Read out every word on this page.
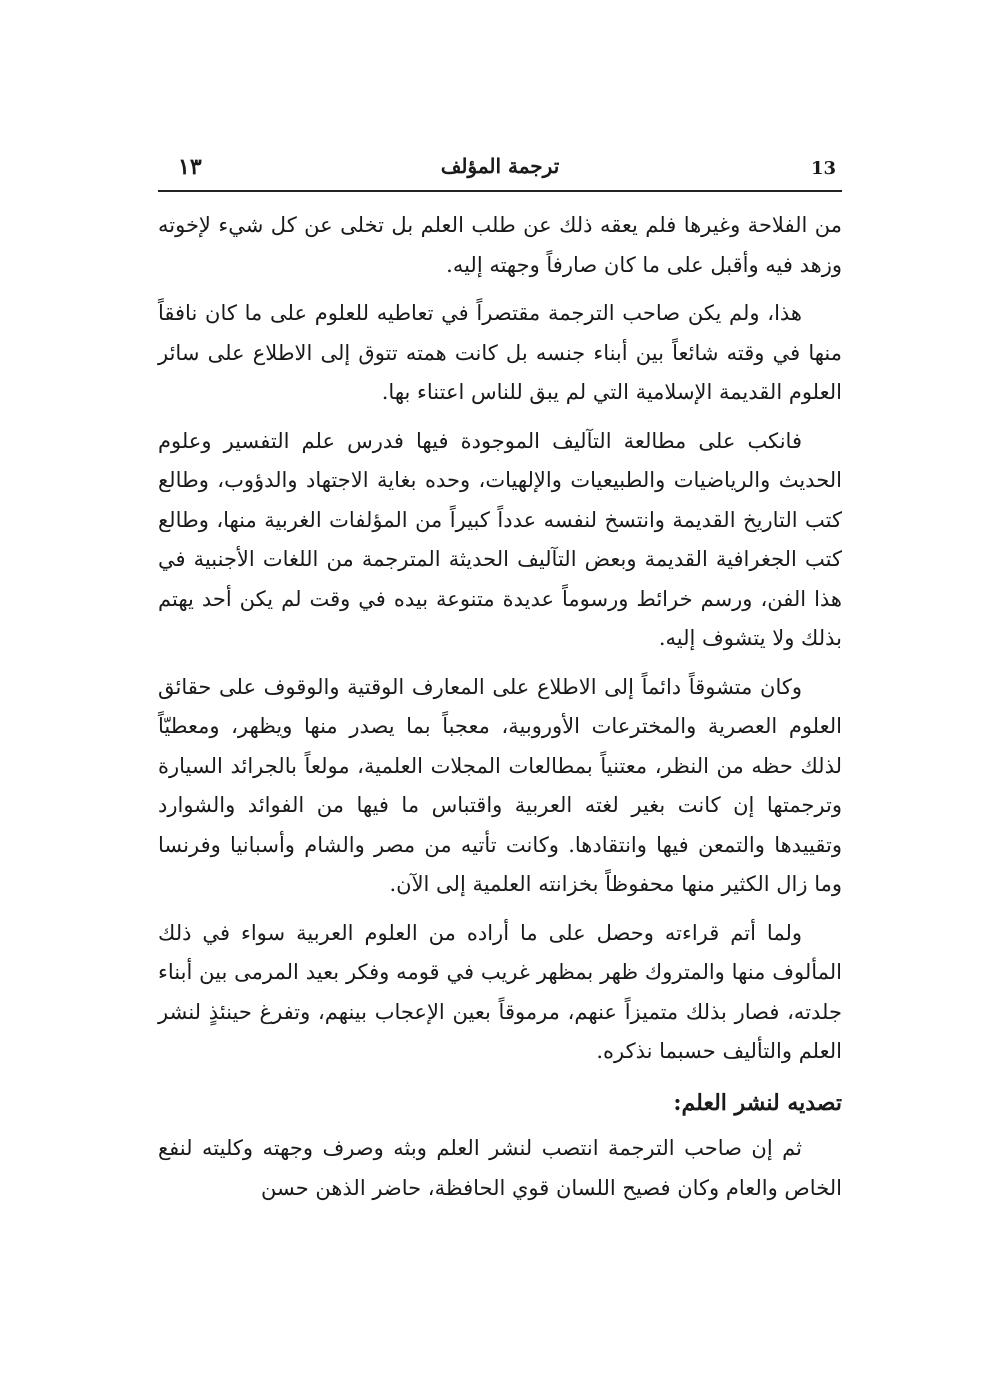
١٣	ترجمة المؤلف	13

من الفلاحة وغيرها فلم يعقه ذلك عن طلب العلم بل تخلى عن كل شيء لإخوته وزهد فيه وأقبل على ما كان صارفاً وجهته إليه.

هذا، ولم يكن صاحب الترجمة مقتصراً في تعاطيه للعلوم على ما كان نافقاً منها في وقته شائعاً بين أبناء جنسه بل كانت همته تتوق إلى الاطلاع على سائر العلوم القديمة الإسلامية التي لم يبق للناس اعتناء بها.

فانكب على مطالعة التآليف الموجودة فيها فدرس علم التفسير وعلوم الحديث والرياضيات والطبيعيات والإلهيات، وحده بغاية الاجتهاد والدؤوب، وطالع كتب التاريخ القديمة وانتسخ لنفسه عدداً كبيراً من المؤلفات الغربية منها، وطالع كتب الجغرافية القديمة وبعض التآليف الحديثة المترجمة من اللغات الأجنبية في هذا الفن، ورسم خرائط ورسوماً عديدة متنوعة بيده في وقت لم يكن أحد يهتم بذلك ولا يتشوف إليه.

وكان متشوقاً دائماً إلى الاطلاع على المعارف الوقتية والوقوف على حقائق العلوم العصرية والمخترعات الأوروبية، معجباً بما يصدر منها ويظهر، ومعطيّاً لذلك حظه من النظر، معتنياً بمطالعات المجلات العلمية، مولعاً بالجرائد السيارة وترجمتها إن كانت بغير لغته العربية واقتباس ما فيها من الفوائد والشوارد وتقييدها والتمعن فيها وانتقادها. وكانت تأتيه من مصر والشام وأسبانيا وفرنسا وما زال الكثير منها محفوظاً بخزانته العلمية إلى الآن.

ولما أتم قراءته وحصل على ما أراده من العلوم العربية سواء في ذلك المألوف منها والمتروك ظهر بمظهر غريب في قومه وفكر بعيد المرمى بين أبناء جلدته، فصار بذلك متميزاً عنهم، مرموقاً بعين الإعجاب بينهم، وتفرغ حينئذٍ لنشر العلم والتأليف حسبما نذكره.

تصديه لنشر العلم:

ثم إن صاحب الترجمة انتصب لنشر العلم وبثه وصرف وجهته وكليته لنفع الخاص والعام وكان فصيح اللسان قوي الحافظة، حاضر الذهن حسن
